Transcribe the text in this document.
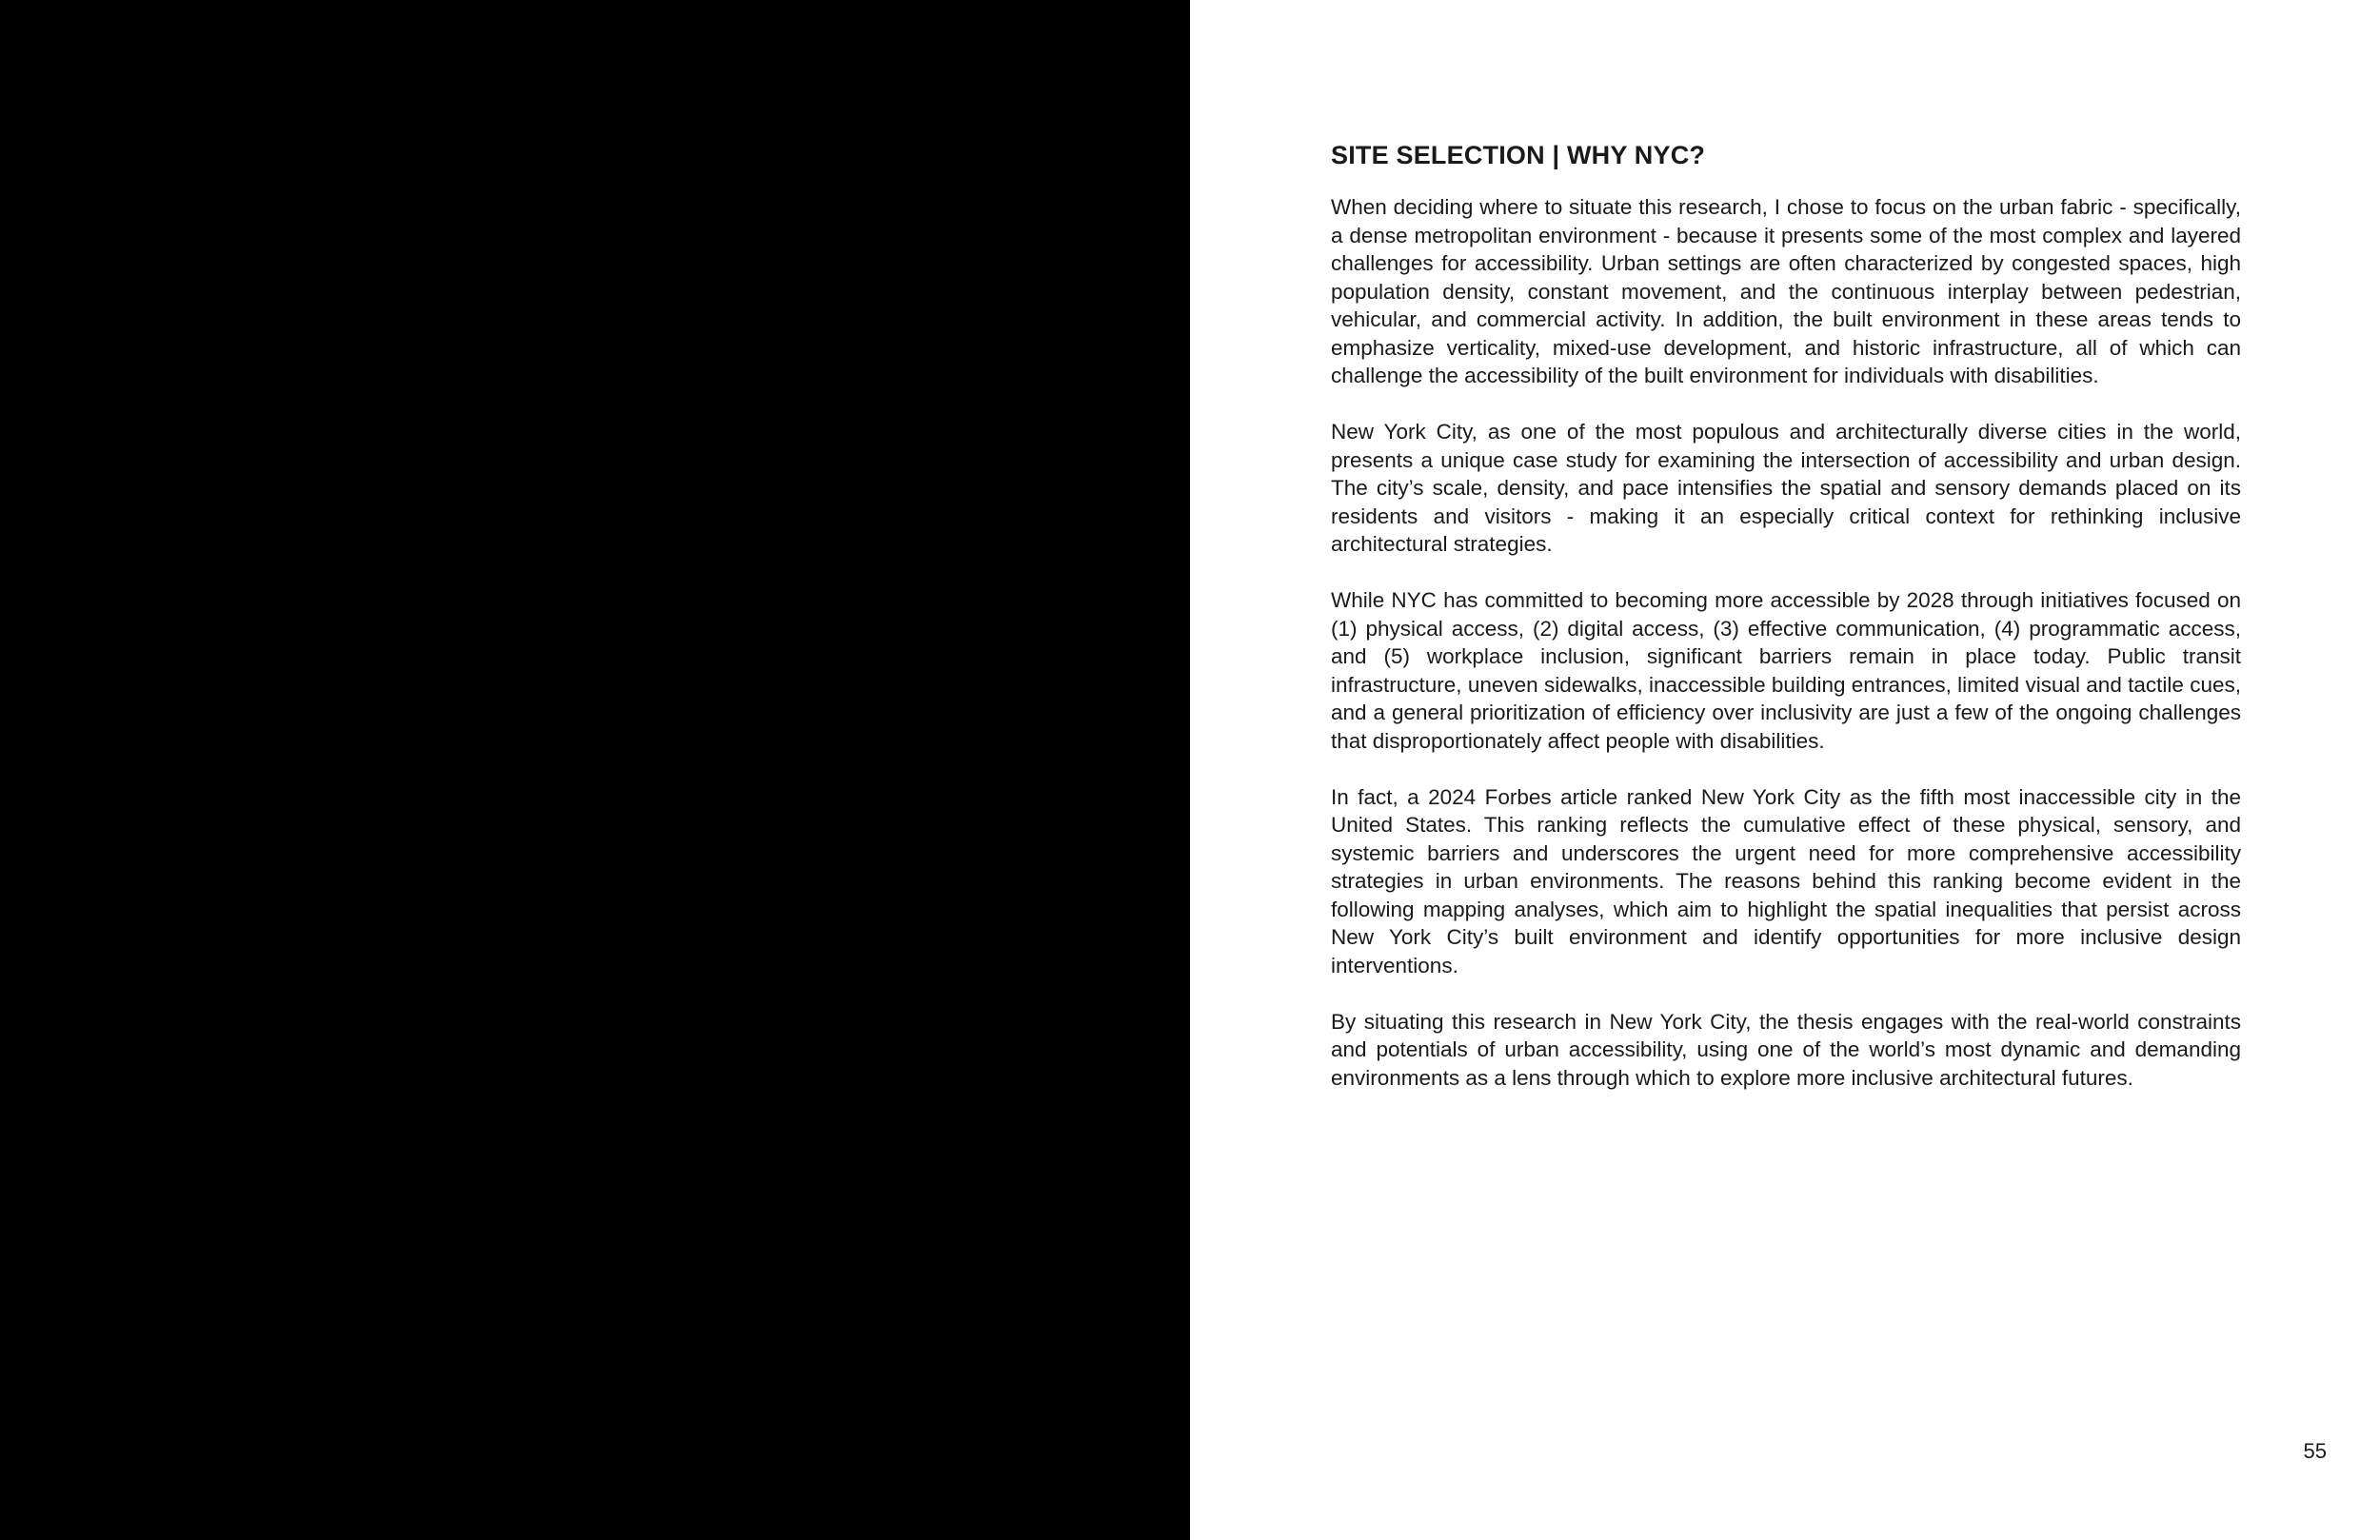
SITE SELECTION | WHY NYC?

When deciding where to situate this research, I chose to focus on the urban fabric - specifically, a dense metropolitan environment - because it presents some of the most complex and layered challenges for accessibility. Urban settings are often characterized by congested spaces, high population density, constant movement, and the continuous interplay between pedestrian, vehicular, and commercial activity. In addition, the built environment in these areas tends to emphasize verticality, mixed-use development, and historic infrastructure, all of which can challenge the accessibility of the built environment for individuals with disabilities.

New York City, as one of the most populous and architecturally diverse cities in the world, presents a unique case study for examining the intersection of accessibility and urban design. The city’s scale, density, and pace intensifies the spatial and sensory demands placed on its residents and visitors - making it an especially critical context for rethinking inclusive architectural strategies.

While NYC has committed to becoming more accessible by 2028 through initiatives focused on (1) physical access, (2) digital access, (3) effective communication, (4) programmatic access, and (5) workplace inclusion, significant barriers remain in place today. Public transit infrastructure, uneven sidewalks, inaccessible building entrances, limited visual and tactile cues, and a general prioritization of efficiency over inclusivity are just a few of the ongoing challenges that disproportionately affect people with disabilities.

In fact, a 2024 Forbes article ranked New York City as the fifth most inaccessible city in the United States. This ranking reflects the cumulative effect of these physical, sensory, and systemic barriers and underscores the urgent need for more comprehensive accessibility strategies in urban environments. The reasons behind this ranking become evident in the following mapping analyses, which aim to highlight the spatial inequalities that persist across New York City’s built environment and identify opportunities for more inclusive design interventions.

By situating this research in New York City, the thesis engages with the real-world constraints and potentials of urban accessibility, using one of the world’s most dynamic and demanding environments as a lens through which to explore more inclusive architectural futures.

55
